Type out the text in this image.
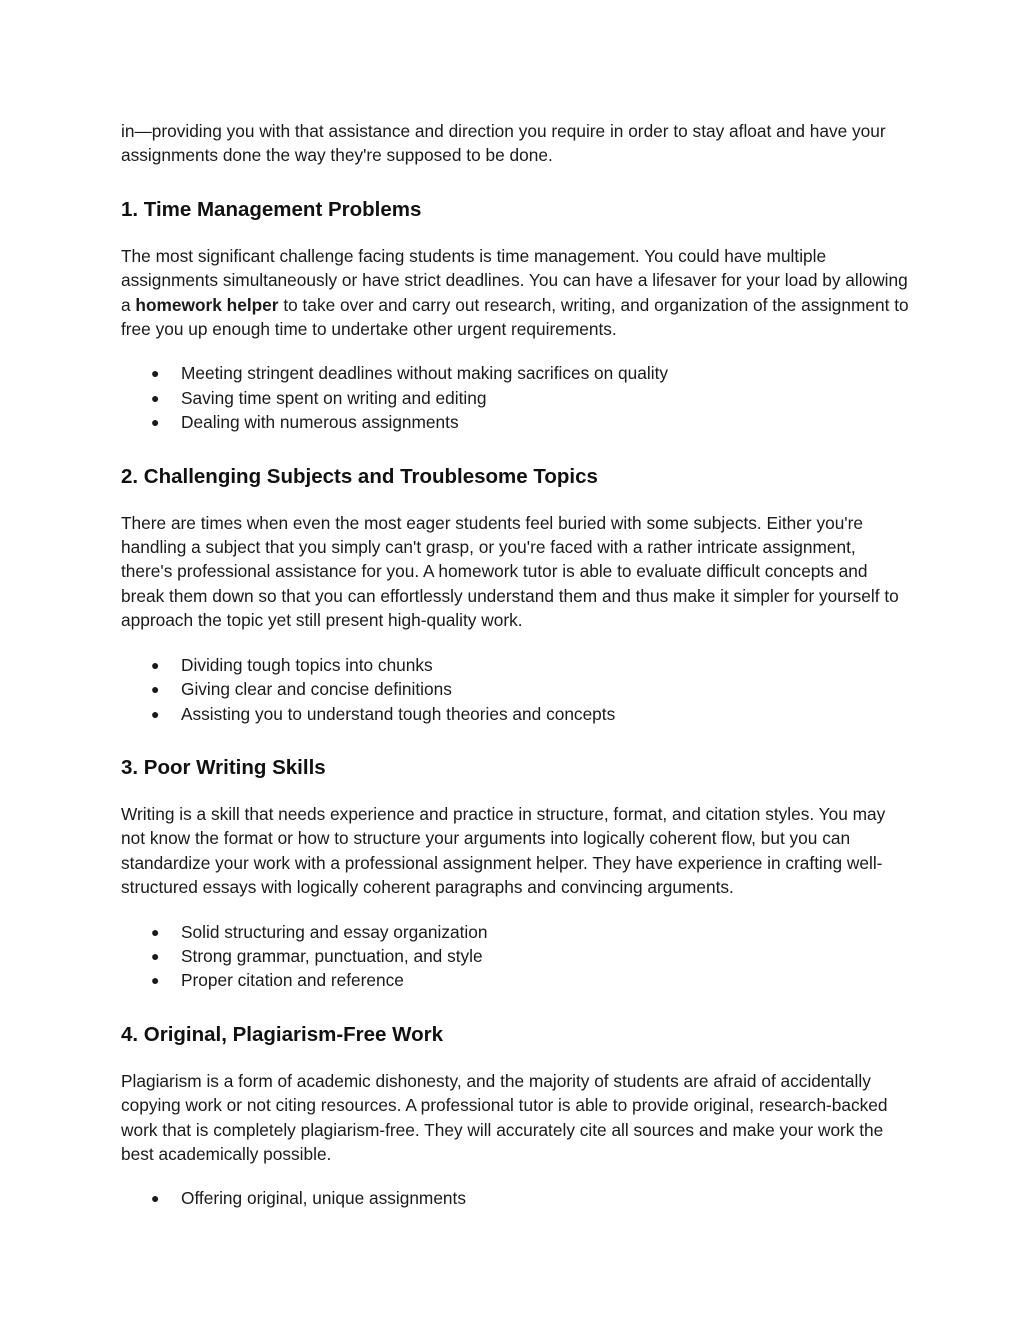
in—providing you with that assistance and direction you require in order to stay afloat and have your assignments done the way they're supposed to be done.

1. Time Management Problems

The most significant challenge facing students is time management. You could have multiple assignments simultaneously or have strict deadlines. You can have a lifesaver for your load by allowing a homework helper to take over and carry out research, writing, and organization of the assignment to free you up enough time to undertake other urgent requirements.

● Meeting stringent deadlines without making sacrifices on quality
● Saving time spent on writing and editing
● Dealing with numerous assignments
2. Challenging Subjects and Troublesome Topics

There are times when even the most eager students feel buried with some subjects. Either you're handling a subject that you simply can't grasp, or you're faced with a rather intricate assignment, there's professional assistance for you. A homework tutor is able to evaluate difficult concepts and break them down so that you can effortlessly understand them and thus make it simpler for yourself to approach the topic yet still present high-quality work.

● Dividing tough topics into chunks
● Giving clear and concise definitions
● Assisting you to understand tough theories and concepts
3. Poor Writing Skills

Writing is a skill that needs experience and practice in structure, format, and citation styles. You may not know the format or how to structure your arguments into logically coherent flow, but you can standardize your work with a professional assignment helper. They have experience in crafting well-structured essays with logically coherent paragraphs and convincing arguments.

● Solid structuring and essay organization
● Strong grammar, punctuation, and style
● Proper citation and reference
4. Original, Plagiarism-Free Work

Plagiarism is a form of academic dishonesty, and the majority of students are afraid of accidentally copying work or not citing resources. A professional tutor is able to provide original, research-backed work that is completely plagiarism-free. They will accurately cite all sources and make your work the best academically possible.

● Offering original, unique assignments
